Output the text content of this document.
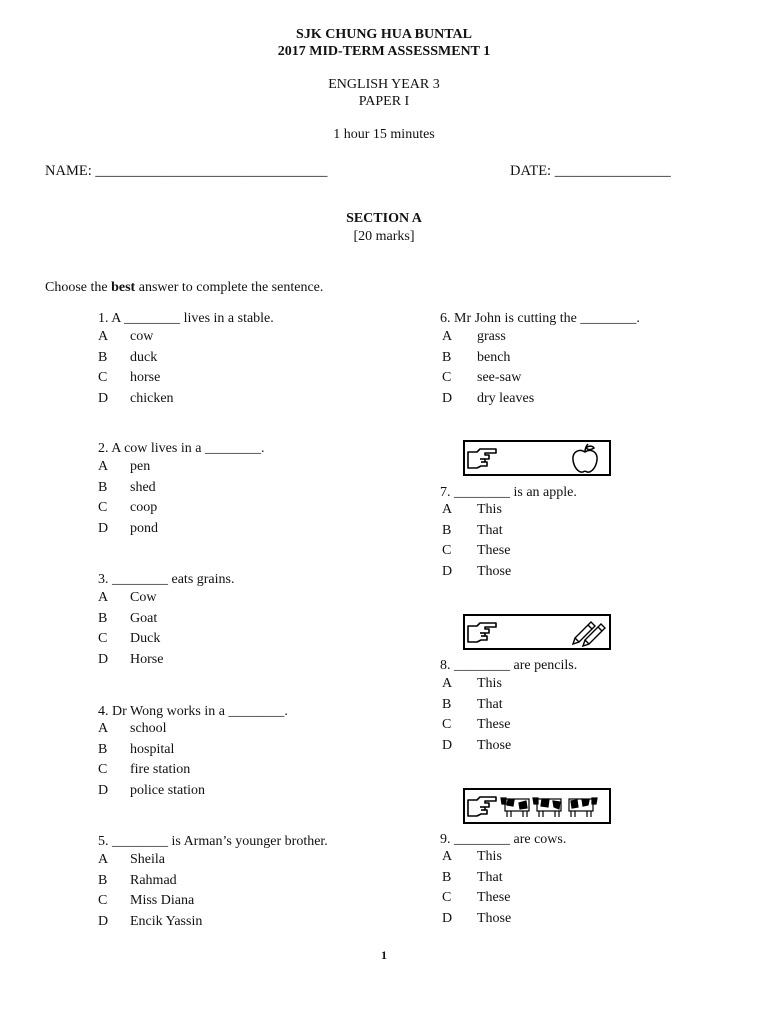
SJK CHUNG HUA BUNTAL
2017 MID-TERM ASSESSMENT 1
ENGLISH YEAR 3
PAPER I
1 hour 15 minutes
NAME: ________________________________	DATE: ________________
SECTION A
[20 marks]
Choose the best answer to complete the sentence.
1. A ________ lives in a stable.
A cow
B duck
C horse
D chicken
2. A cow lives in a ________.
A pen
B shed
C coop
D pond
3. ________ eats grains.
A Cow
B Goat
C Duck
D Horse
4. Dr Wong works in a ________.
A school
B hospital
C fire station
D police station
5. ________ is Arman’s younger brother.
A Sheila
B Rahmad
C Miss Diana
D Encik Yassin
6. Mr John is cutting the ________.
A grass
B bench
C see-saw
D dry leaves
7. ________ is an apple.
A This
B That
C These
D Those
8. ________ are pencils.
A This
B That
C These
D Those
9. ________ are cows.
A This
B That
C These
D Those
1
